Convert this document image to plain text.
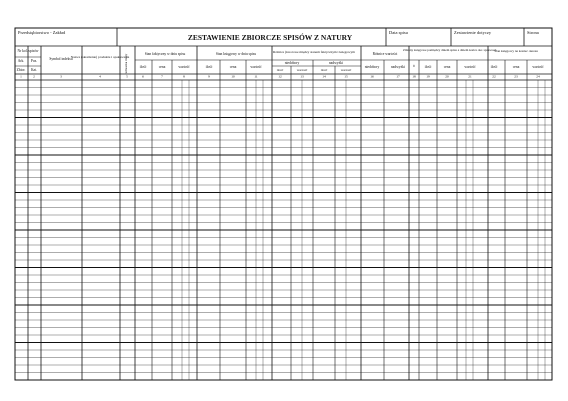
Przedsiębiorstwo - Zakład
ZESTAWIENIE ZBIORCZE SPISÓW Z NATURY
Data spisu	Zestawienie dotyczy	Strona
Nr kol. spisów
Ark. Poz.
Zbior. Kat.
Symbol indeksu
Nazwa (określenie) produktu i opakowania
Jednostka miary	Stan faktyczny w dniu spisu
ilość	cena	wartość
Stan księgowy w dniu spisu
ilość	cena	wartość
Różnice (kwotowe między stanem faktycznym i księgowym
niedobory	nadwyżki
ilość	wartość	ilość	wartość
Różnice wartości
niedobory	nadwyżki
Zmiany księgowe pomiędzy dniem spisu a dniem końca okr. sprawozd.
±	ilość	cena	wartość
Stan księgowy na koniec okresu
ilość	cena	wartość
1	2	3	4	5	6	7	8	9	10	11	12	13	14	15	16	17	18	19	20	21	22	23	24
